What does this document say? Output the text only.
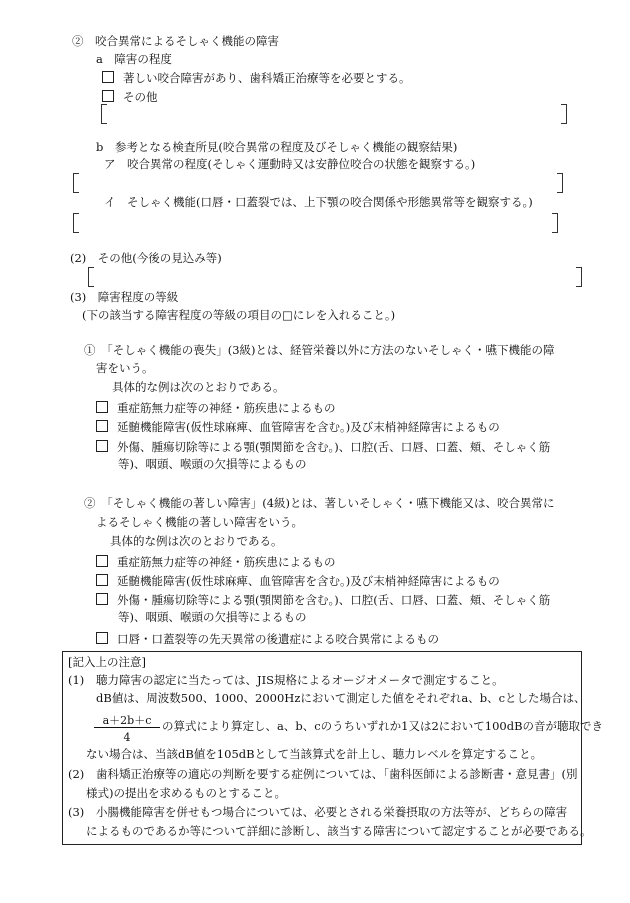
②　咬合異常によるそしゃく機能の障害
a　障害の程度
著しい咬合障害があり、歯科矯正治療等を必要とする。
その他
b　参考となる検査所見(咬合異常の程度及びそしゃく機能の観察結果)
ア　咬合異常の程度(そしゃく運動時又は安静位咬合の状態を観察する。)
イ　そしゃく機能(口唇・口蓋裂では、上下顎の咬合関係や形態異常等を観察する。)
(2)　その他(今後の見込み等)
(3)　障害程度の等級
(下の該当する障害程度の等級の項目の□にレを入れること。)
①　「そしゃく機能の喪失」(3級)とは、経管栄養以外に方法のないそしゃく・嚥下機能の障
害をいう。
具体的な例は次のとおりである。
重症筋無力症等の神経・筋疾患によるもの
延髄機能障害(仮性球麻痺、血管障害を含む。)及び末梢神経障害によるもの
外傷、腫瘍切除等による顎(顎関節を含む。)、口腔(舌、口唇、口蓋、頬、そしゃく筋
等)、咽頭、喉頭の欠損等によるもの
②　「そしゃく機能の著しい障害」(4級)とは、著しいそしゃく・嚥下機能又は、咬合異常に
よるそしゃく機能の著しい障害をいう。
具体的な例は次のとおりである。
重症筋無力症等の神経・筋疾患によるもの
延髄機能障害(仮性球麻痺、血管障害を含む。)及び末梢神経障害によるもの
外傷・腫瘍切除等による顎(顎関節を含む。)、口腔(舌、口唇、口蓋、頬、そしゃく筋
等)、咽頭、喉頭の欠損等によるもの
口唇・口蓋裂等の先天異常の後遺症による咬合異常によるもの
[記入上の注意]
(1) 聴力障害の認定に当たっては、JIS規格によるオージオメータで測定すること。
dB値は、周波数500、1000、2000Hzにおいて測定した値をそれぞれa、b、cとした場合は、
a＋2b＋c
4
の算式により算定し、a、b、cのうちいずれか1又は2において100dBの音が聴取でき
ない場合は、当該dB値を105dBとして当該算式を計上し、聴力レベルを算定すること。
(2) 歯科矯正治療等の適応の判断を要する症例については、「歯科医師による診断書・意見書」(別
様式)の提出を求めるものとすること。
(3) 小腸機能障害を併せもつ場合については、必要とされる栄養摂取の方法等が、どちらの障害
によるものであるか等について詳細に診断し、該当する障害について認定することが必要である。
